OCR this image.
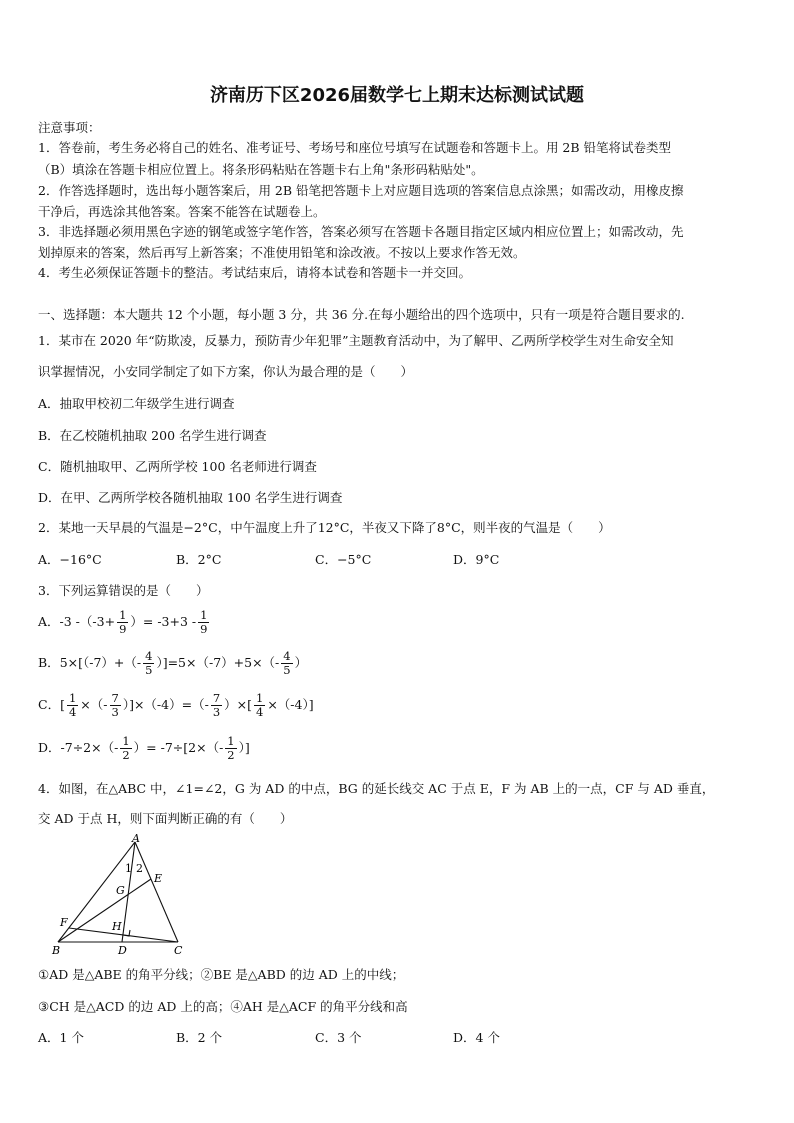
济南历下区2026届数学七上期末达标测试试题
注意事项：
1．答卷前，考生务必将自己的姓名、准考证号、考场号和座位号填写在试题卷和答题卡上。用 2B 铅笔将试卷类型
（B）填涂在答题卡相应位置上。将条形码粘贴在答题卡右上角"条形码粘贴处"。
2．作答选择题时，选出每小题答案后，用 2B 铅笔把答题卡上对应题目选项的答案信息点涂黑；如需改动，用橡皮擦
干净后，再选涂其他答案。答案不能答在试题卷上。
3．非选择题必须用黑色字迹的钢笔或签字笔作答，答案必须写在答题卡各题目指定区域内相应位置上；如需改动，先
划掉原来的答案，然后再写上新答案；不准使用铅笔和涂改液。不按以上要求作答无效。
4．考生必须保证答题卡的整洁。考试结束后，请将本试卷和答题卡一并交回。
一、选择题：本大题共 12 个小题，每小题 3 分，共 36 分.在每小题给出的四个选项中，只有一项是符合题目要求的.
1．某市在 2020 年“防欺凌，反暴力，预防青少年犯罪”主题教育活动中，为了解甲、乙两所学校学生对生命安全知
识掌握情况，小安同学制定了如下方案，你认为最合理的是（　　）
A．抽取甲校初二年级学生进行调查
B．在乙校随机抽取 200 名学生进行调查
C．随机抽取甲、乙两所学校 100 名老师进行调查
D．在甲、乙两所学校各随机抽取 100 名学生进行调查
2．某地一天早晨的气温是−2°C，中午温度上升了12°C，半夜又下降了8°C，则半夜的气温是（　　）
A．−16°C	B．2°C	C．−5°C	D．9°C
3．下列运算错误的是（　　）
A．-3 $-(-3+ \frac{1}{9}$ ）= $-3+3 - \frac{1}{9}$
B．$5\times[(-7)+(- \frac{4}{5} )]=5\times(-7)+5\times(- \frac{4}{5}$ ）
C．[ $\frac{1}{4}$ ×（- $\frac{7}{3} )]\times(-4)=(- \frac{7}{3}$ ）×[ $\frac{1}{4} \times(-4)$]
D．$-7\div 2\times(- \frac{1}{2}$ ）= $-7\div[2\times(- \frac{1}{2}$ ）]
4．如图，在△ABC 中，∠1=∠2，G 为 AD 的中点，BG 的延长线交 AC 于点 E，F 为 AB 上的一点，CF 与 AD 垂直，
交 AD 于点 H，则下面判断正确的有（　　）
A
B	C
D
E
F
G
H
1 2
①AD 是△ABE 的角平分线；②BE 是△ABD 的边 AD 上的中线；
③CH 是△ACD 的边 AD 上的高；④AH 是△ACF 的角平分线和高
A．1 个	B．2 个	C．3 个	D．4 个
